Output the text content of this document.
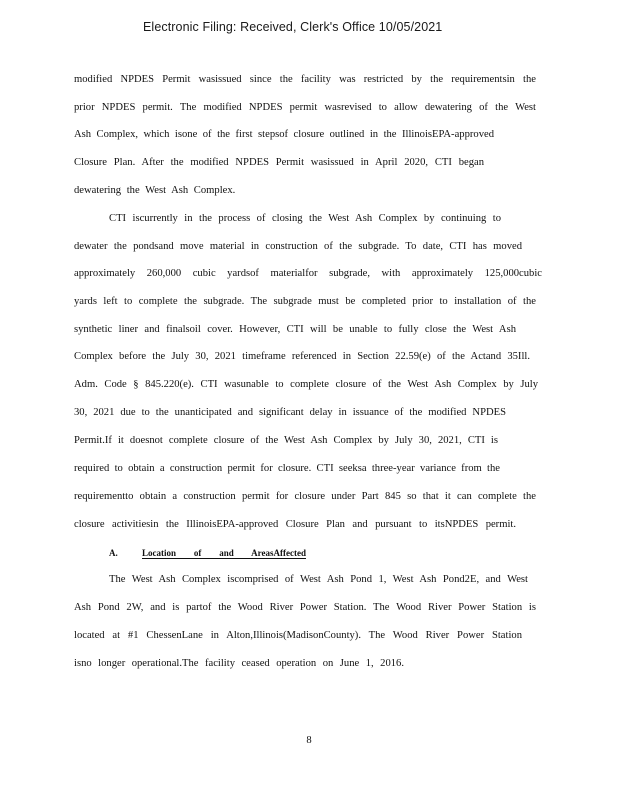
Electronic Filing: Received, Clerk's Office 10/05/2021
modified NPDES Permit wasissued since the facility was restricted by the requirementsin the
prior NPDES permit. The modified NPDES permit wasrevised to allow dewatering of the West
Ash Complex, which isone of the first stepsof closure outlined in the IllinoisEPA-approved
Closure Plan. After the modified NPDES Permit wasissued in April 2020, CTI began
dewatering the West Ash Complex.
CTI iscurrently in the process of closing the West Ash Complex by continuing to
dewater the pondsand move material in construction of the subgrade. To date, CTI has moved
approximately 260,000 cubic yardsof materialfor subgrade, with approximately 125,000cubic
yards left to complete the subgrade. The subgrade must be completed prior to installation of the
synthetic liner and finalsoil cover. However, CTI will be unable to fully close the West Ash
Complex before the July 30, 2021 timeframe referenced in Section 22.59(e) of the Actand 35Ill.
Adm. Code § 845.220(e). CTI wasunable to complete closure of the West Ash Complex by July
30, 2021 due to the unanticipated and significant delay in issuance of the modified NPDES
Permit.If it doesnot complete closure of the West Ash Complex by July 30, 2021, CTI is
required to obtain a construction permit for closure. CTI seeksa three-year variance from the
requirementto obtain a construction permit for closure under Part 845 so that it can complete the
closure activitiesin the IllinoisEPA-approved Closure Plan and pursuant to itsNPDES permit.
A.	Location of and AreasAffected
The West Ash Complex iscomprised of West Ash Pond 1, West Ash Pond2E, and West
Ash Pond 2W, and is partof the Wood River Power Station. The Wood River Power Station is
located at #1 ChessenLane in Alton,Illinois(MadisonCounty). The Wood River Power Station
isno longer operational.The facility ceased operation on June 1, 2016.
8
